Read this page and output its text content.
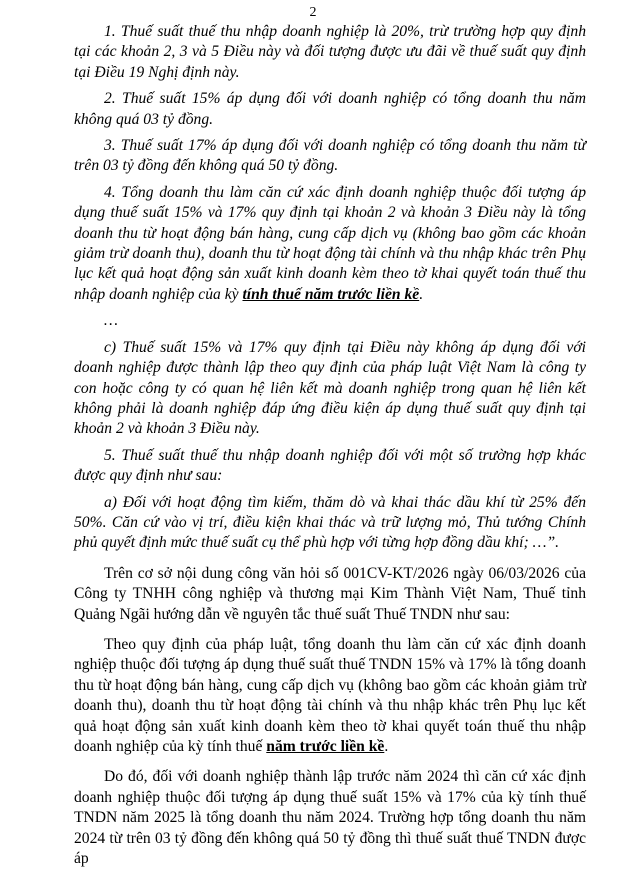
2

1. Thuế suất thuế thu nhập doanh nghiệp là 20%, trừ trường hợp quy định tại các khoản 2, 3 và 5 Điều này và đối tượng được ưu đãi về thuế suất quy định tại Điều 19 Nghị định này.

2. Thuế suất 15% áp dụng đối với doanh nghiệp có tổng doanh thu năm không quá 03 tỷ đồng.

3. Thuế suất 17% áp dụng đối với doanh nghiệp có tổng doanh thu năm từ trên 03 tỷ đồng đến không quá 50 tỷ đồng.

4. Tổng doanh thu làm căn cứ xác định doanh nghiệp thuộc đối tượng áp dụng thuế suất 15% và 17% quy định tại khoản 2 và khoản 3 Điều này là tổng doanh thu từ hoạt động bán hàng, cung cấp dịch vụ (không bao gồm các khoản giảm trừ doanh thu), doanh thu từ hoạt động tài chính và thu nhập khác trên Phụ lục kết quả hoạt động sản xuất kinh doanh kèm theo tờ khai quyết toán thuế thu nhập doanh nghiệp của kỳ tính thuế năm trước liền kề.

…

c) Thuế suất 15% và 17% quy định tại Điều này không áp dụng đối với doanh nghiệp được thành lập theo quy định của pháp luật Việt Nam là công ty con hoặc công ty có quan hệ liên kết mà doanh nghiệp trong quan hệ liên kết không phải là doanh nghiệp đáp ứng điều kiện áp dụng thuế suất quy định tại khoản 2 và khoản 3 Điều này.

5. Thuế suất thuế thu nhập doanh nghiệp đối với một số trường hợp khác được quy định như sau:

a) Đối với hoạt động tìm kiếm, thăm dò và khai thác dầu khí từ 25% đến 50%. Căn cứ vào vị trí, điều kiện khai thác và trữ lượng mỏ, Thủ tướng Chính phủ quyết định mức thuế suất cụ thể phù hợp với từng hợp đồng dầu khí; …”.

Trên cơ sở nội dung công văn hỏi số 001CV-KT/2026 ngày 06/03/2026 của Công ty TNHH công nghiệp và thương mại Kim Thành Việt Nam, Thuế tỉnh Quảng Ngãi hướng dẫn về nguyên tắc thuế suất Thuế TNDN như sau:

Theo quy định của pháp luật, tổng doanh thu làm căn cứ xác định doanh nghiệp thuộc đối tượng áp dụng thuế suất thuế TNDN 15% và 17% là tổng doanh thu từ hoạt động bán hàng, cung cấp dịch vụ (không bao gồm các khoản giảm trừ doanh thu), doanh thu từ hoạt động tài chính và thu nhập khác trên Phụ lục kết quả hoạt động sản xuất kinh doanh kèm theo tờ khai quyết toán thuế thu nhập doanh nghiệp của kỳ tính thuế năm trước liền kề.

Do đó, đối với doanh nghiệp thành lập trước năm 2024 thì căn cứ xác định doanh nghiệp thuộc đối tượng áp dụng thuế suất 15% và 17% của kỳ tính thuế TNDN năm 2025 là tổng doanh thu năm 2024. Trường hợp tổng doanh thu năm 2024 từ trên 03 tỷ đồng đến không quá 50 tỷ đồng thì thuế suất thuế TNDN được áp
